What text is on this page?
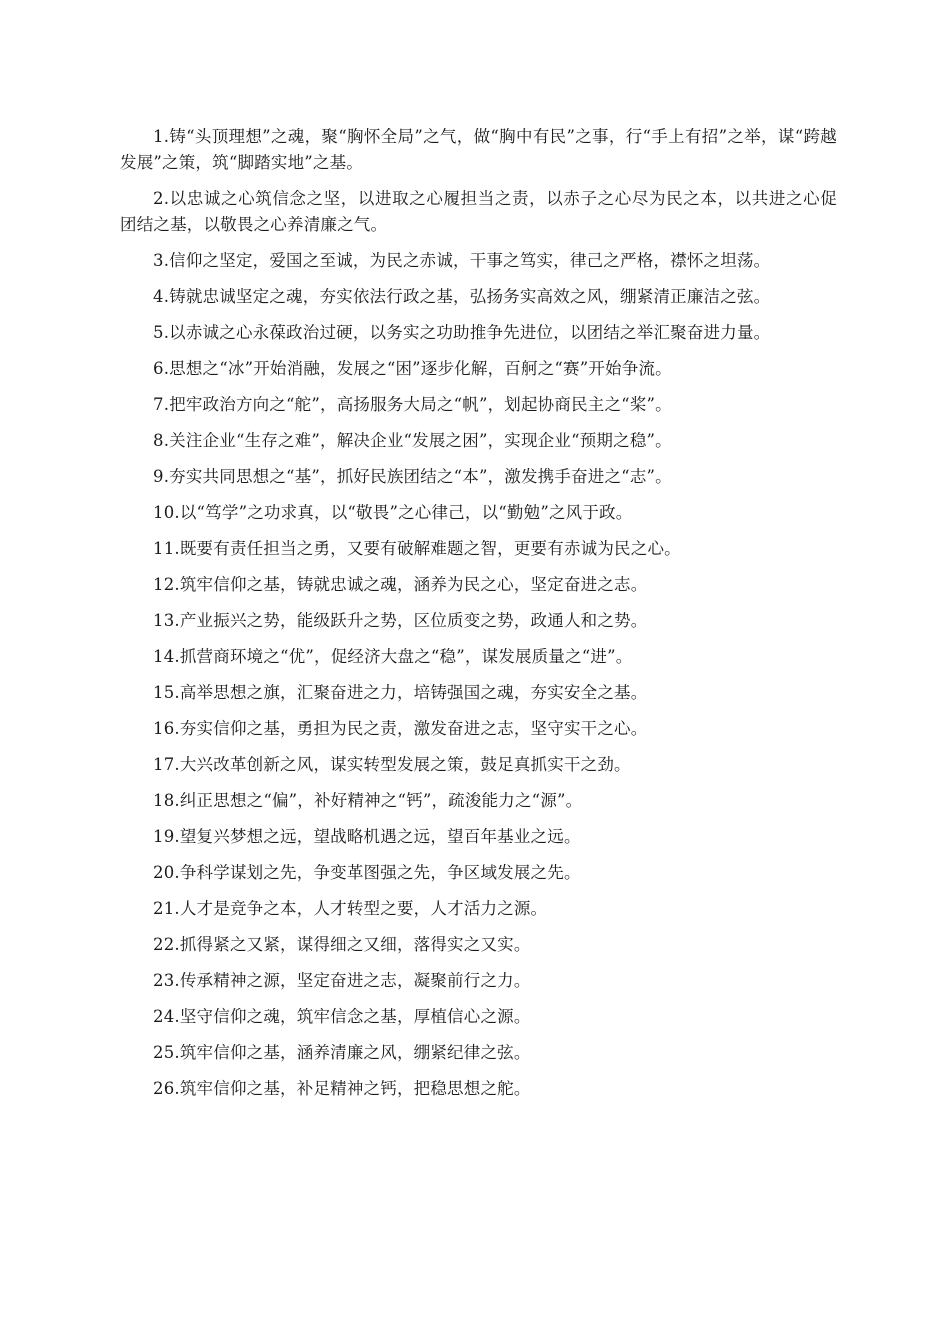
1.铸“头顶理想”之魂，聚“胸怀全局”之气，做“胸中有民”之事，行“手上有招”之举，谋“跨越发展”之策，筑“脚踏实地”之基。

2.以忠诚之心筑信念之坚，以进取之心履担当之责，以赤子之心尽为民之本，以共进之心促团结之基，以敬畏之心养清廉之气。

3.信仰之坚定，爱国之至诚，为民之赤诚，干事之笃实，律己之严格，襟怀之坦荡。

4.铸就忠诚坚定之魂，夯实依法行政之基，弘扬务实高效之风，绷紧清正廉洁之弦。

5.以赤诚之心永葆政治过硬，以务实之功助推争先进位，以团结之举汇聚奋进力量。

6.思想之“冰”开始消融，发展之“困”逐步化解，百舸之“赛”开始争流。

7.把牢政治方向之“舵”，高扬服务大局之“帆”，划起协商民主之“桨”。

8.关注企业“生存之难”，解决企业“发展之困”，实现企业“预期之稳”。

9.夯实共同思想之“基”，抓好民族团结之“本”，激发携手奋进之“志”。

10.以“笃学”之功求真，以“敬畏”之心律己，以“勤勉”之风于政。

11.既要有责任担当之勇，又要有破解难题之智，更要有赤诚为民之心。

12.筑牢信仰之基，铸就忠诚之魂，涵养为民之心，坚定奋进之志。

13.产业振兴之势，能级跃升之势，区位质变之势，政通人和之势。

14.抓营商环境之“优”，促经济大盘之“稳”，谋发展质量之“进”。

15.高举思想之旗，汇聚奋进之力，培铸强国之魂，夯实安全之基。

16.夯实信仰之基，勇担为民之责，激发奋进之志，坚守实干之心。

17.大兴改革创新之风，谋实转型发展之策，鼓足真抓实干之劲。

18.纠正思想之“偏”，补好精神之“钙”，疏浚能力之“源”。

19.望复兴梦想之远，望战略机遇之远，望百年基业之远。

20.争科学谋划之先，争变革图强之先，争区域发展之先。

21.人才是竞争之本，人才转型之要，人才活力之源。

22.抓得紧之又紧，谋得细之又细，落得实之又实。

23.传承精神之源，坚定奋进之志，凝聚前行之力。

24.坚守信仰之魂，筑牢信念之基，厚植信心之源。

25.筑牢信仰之基，涵养清廉之风，绷紧纪律之弦。

26.筑牢信仰之基，补足精神之钙，把稳思想之舵。
